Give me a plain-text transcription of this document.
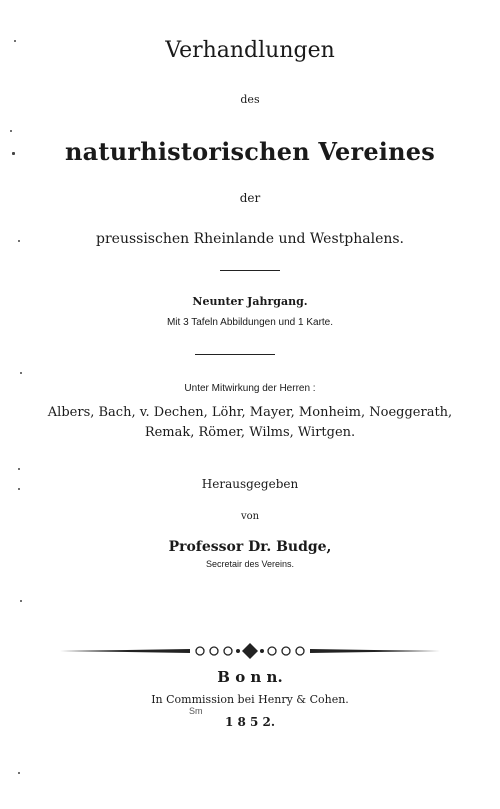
Verhandlungen
des
naturhistorischen Vereines
der
preussischen Rheinlande und Westphalens.
Neunter Jahrgang.
Mit 3 Tafeln Abbildungen und 1 Karte.
Unter Mitwirkung der Herren :
Albers, Bach, v. Dechen, Löhr, Mayer, Monheim, Noeggerath,
Remak, Römer, Wilms, Wirtgen.
Herausgegeben
von
Professor Dr. Budge,
Secretair des Vereins.
B o n n.
In Commission bei Henry & Cohen.
1 8 5 2.
Sm
